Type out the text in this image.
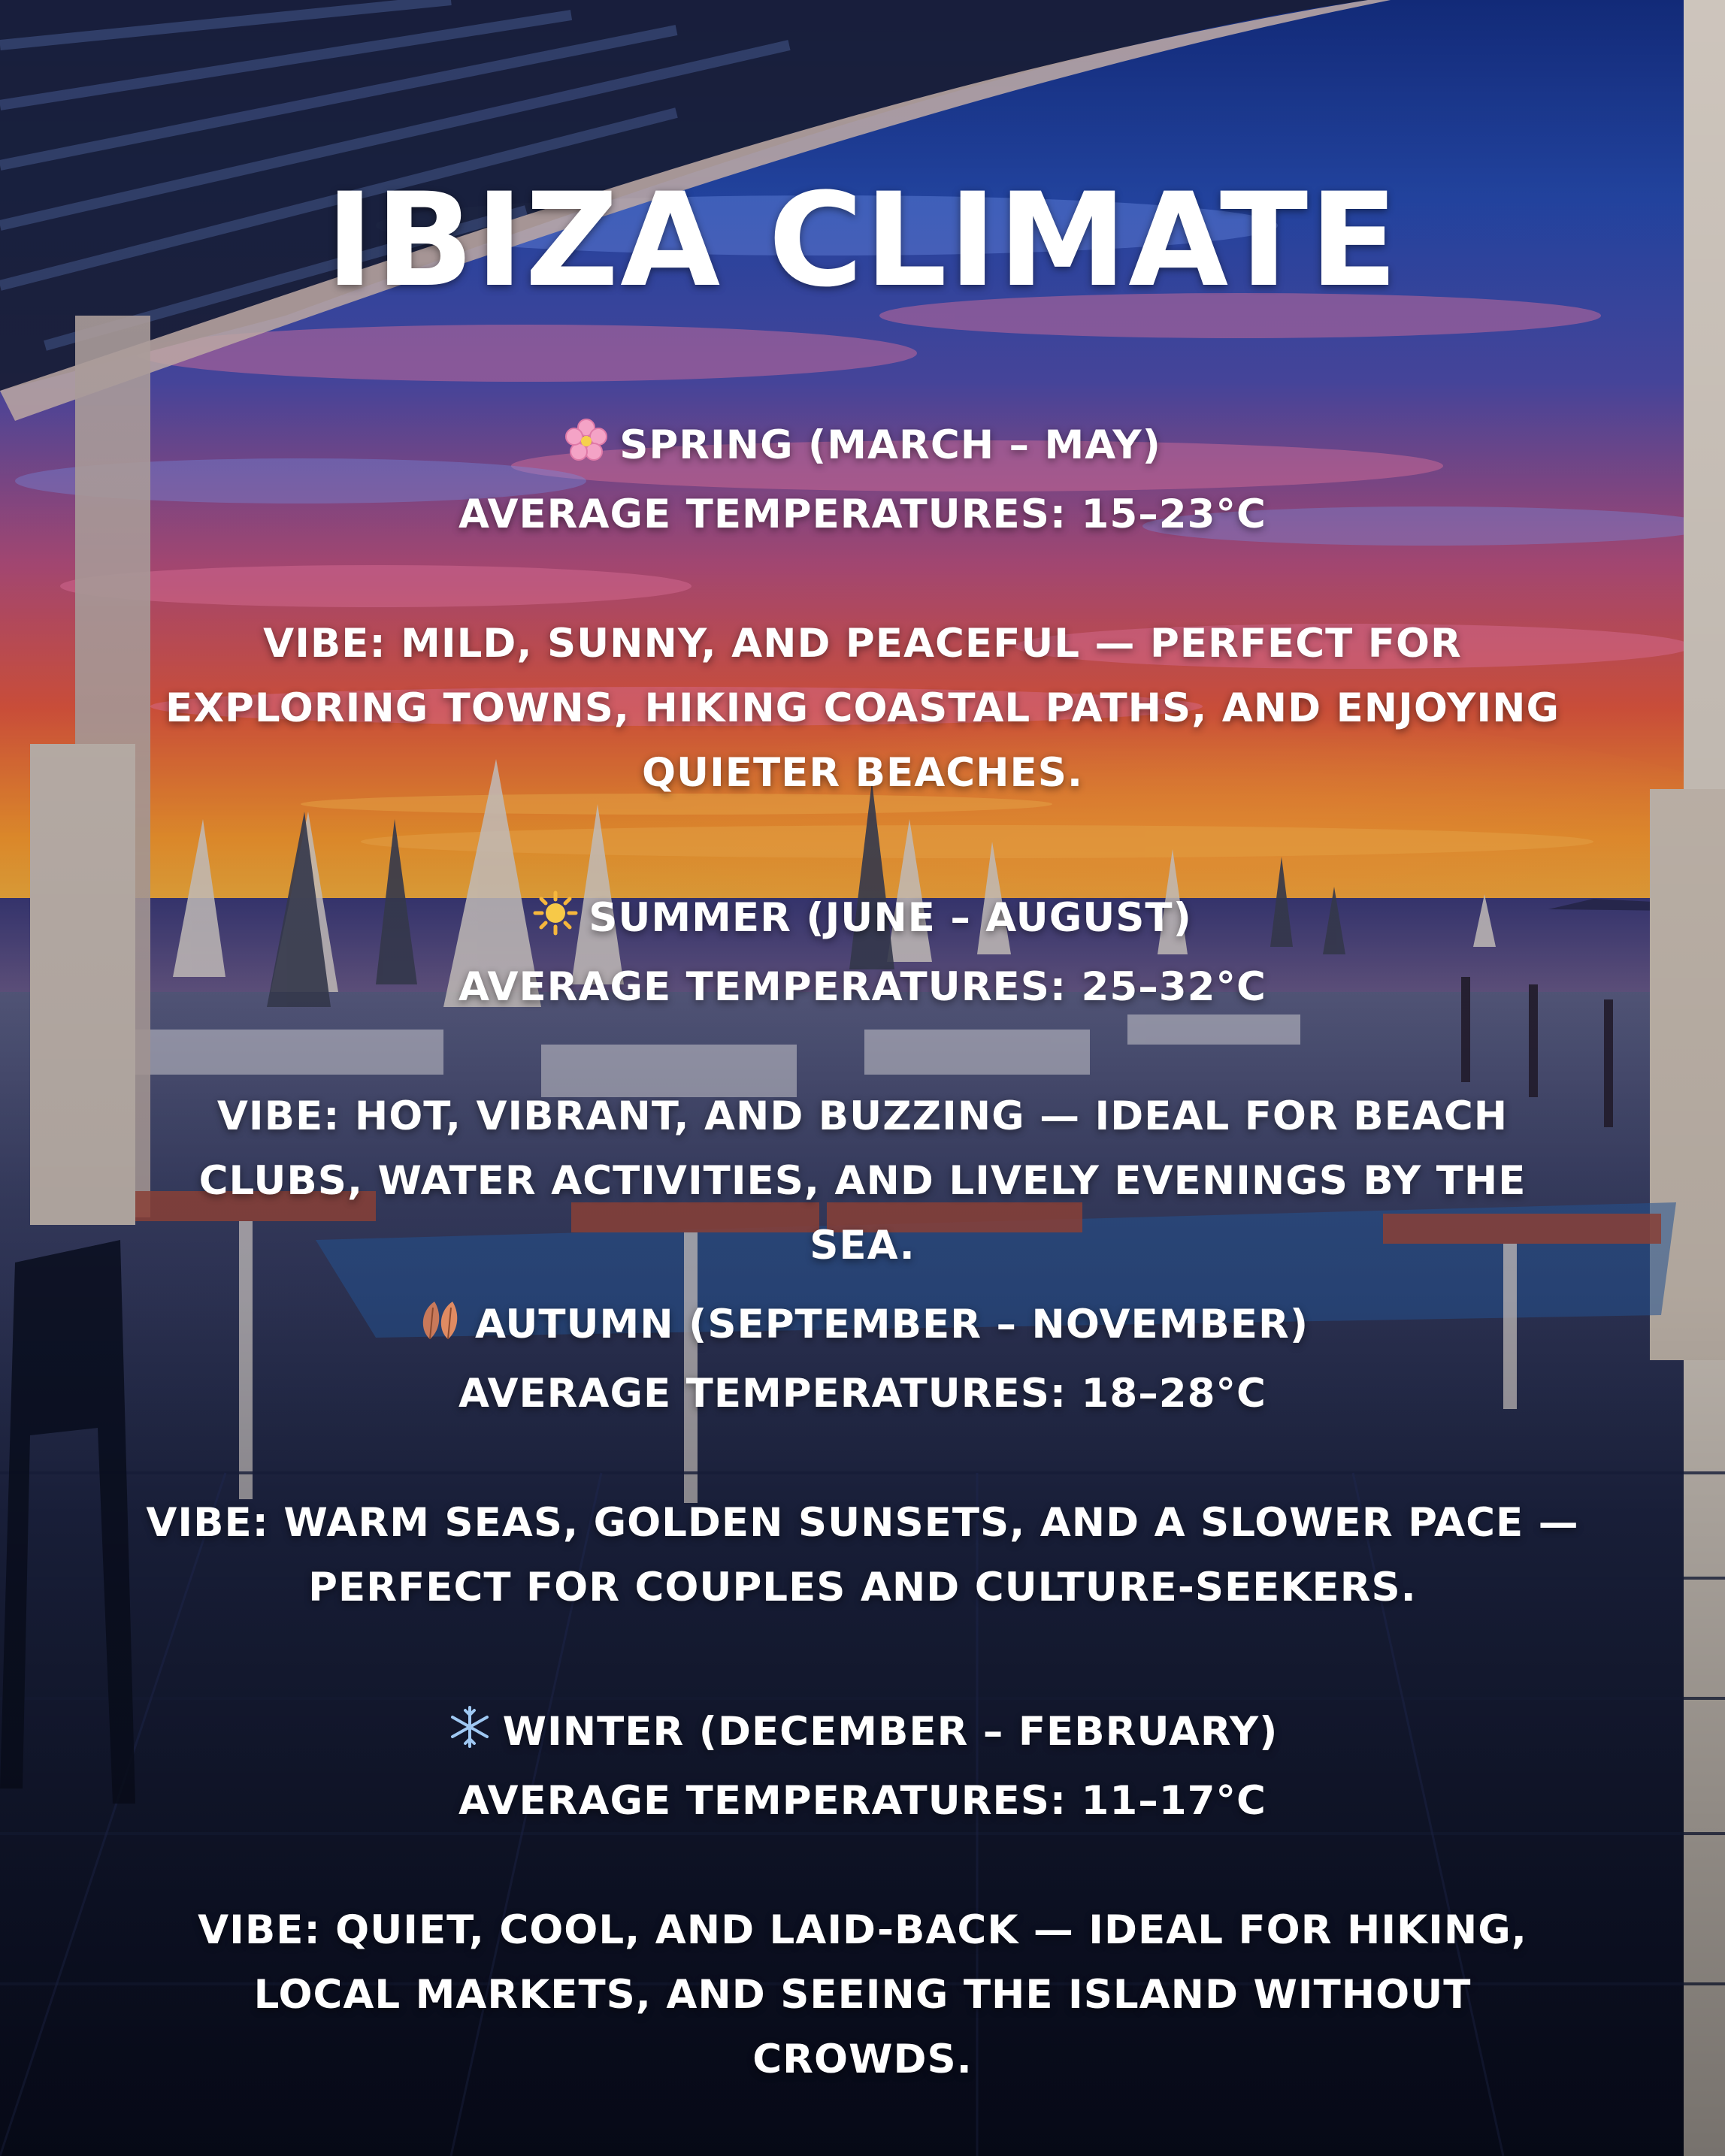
IBIZA CLIMATE
SPRING (MARCH – MAY)
AVERAGE TEMPERATURES: 15–23°C
VIBE: MILD, SUNNY, AND PEACEFUL — PERFECT FOR EXPLORING TOWNS, HIKING COASTAL PATHS, AND ENJOYING QUIETER BEACHES.
SUMMER (JUNE – AUGUST)
AVERAGE TEMPERATURES: 25–32°C
VIBE: HOT, VIBRANT, AND BUZZING — IDEAL FOR BEACH CLUBS, WATER ACTIVITIES, AND LIVELY EVENINGS BY THE SEA.
AUTUMN (SEPTEMBER – NOVEMBER)
AVERAGE TEMPERATURES: 18–28°C
VIBE: WARM SEAS, GOLDEN SUNSETS, AND A SLOWER PACE — PERFECT FOR COUPLES AND CULTURE-SEEKERS.
WINTER (DECEMBER – FEBRUARY)
AVERAGE TEMPERATURES: 11–17°C
VIBE: QUIET, COOL, AND LAID-BACK — IDEAL FOR HIKING, LOCAL MARKETS, AND SEEING THE ISLAND WITHOUT CROWDS.
